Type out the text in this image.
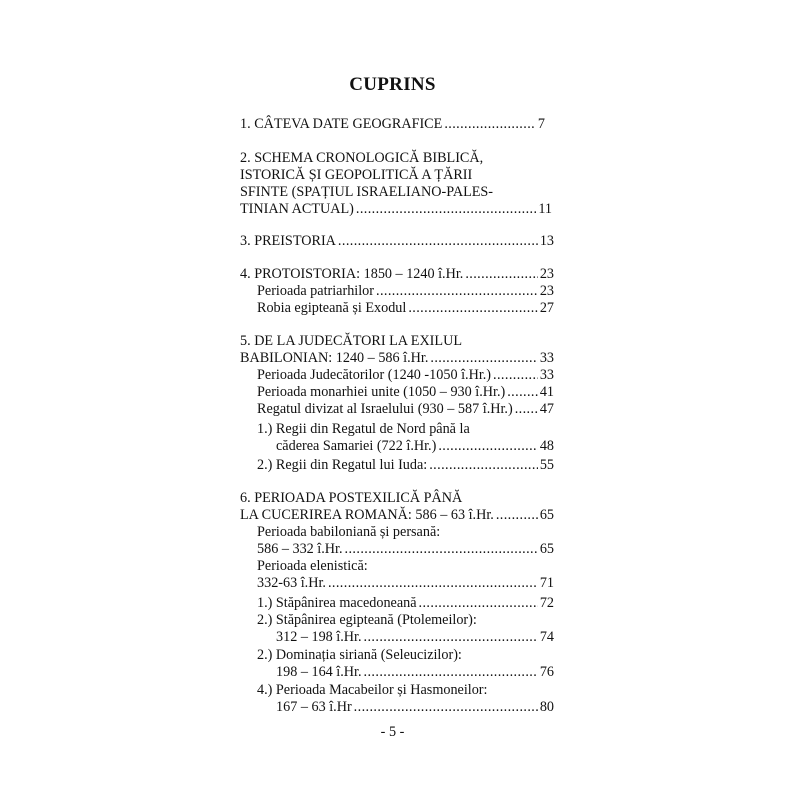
CUPRINS
1. CÂTEVA DATE GEOGRAFICE .....	7
2. SCHEMA CRONOLOGICĂ BIBLICĂ,
ISTORICĂ ȘI GEOPOLITICĂ A ȚĂRII
SFINTE (SPAȚIUL ISRAELIANO-PALES-
TINIAN ACTUAL) .....	11
3. PREISTORIA .....	13
4. PROTOISTORIA: 1850 – 1240 î.Hr. .....	23
Perioada patriarhilor .....	23
Robia egipteană și Exodul .....	27
5. DE LA JUDECĂTORI LA EXILUL
BABILONIAN: 1240 – 586 î.Hr. .....	33
Perioada Judecătorilor (1240 -1050 î.Hr.) .....	33
Perioada monarhiei unite (1050 – 930 î.Hr.) ..... 41
Regatul divizat al Israelului (930 – 587 î.Hr.) ..... 47
1.) Regii din Regatul de Nord până la
căderea Samariei (722 î.Hr.) .....	48
2.) Regii din Regatul lui Iuda: .....	55
6. PERIOADA POSTEXILICĂ PÂNĂ
LA CUCERIREA ROMANĂ: 586 – 63 î.Hr. .....	65
Perioada babiloniană și persană:
586 – 332 î.Hr. .....	65
Perioada elenistică:
332-63 î.Hr. .....	71
1.) Stăpânirea macedoneană .....	72
2.) Stăpânirea egipteană (Ptolemeilor):
312 – 198 î.Hr. .....	74
2.) Dominația siriană (Seleucizilor):
198 – 164 î.Hr. .....	76
4.) Perioada Macabeilor și Hasmoneilor:
167 – 63 î.Hr .....	80
- 5 -
